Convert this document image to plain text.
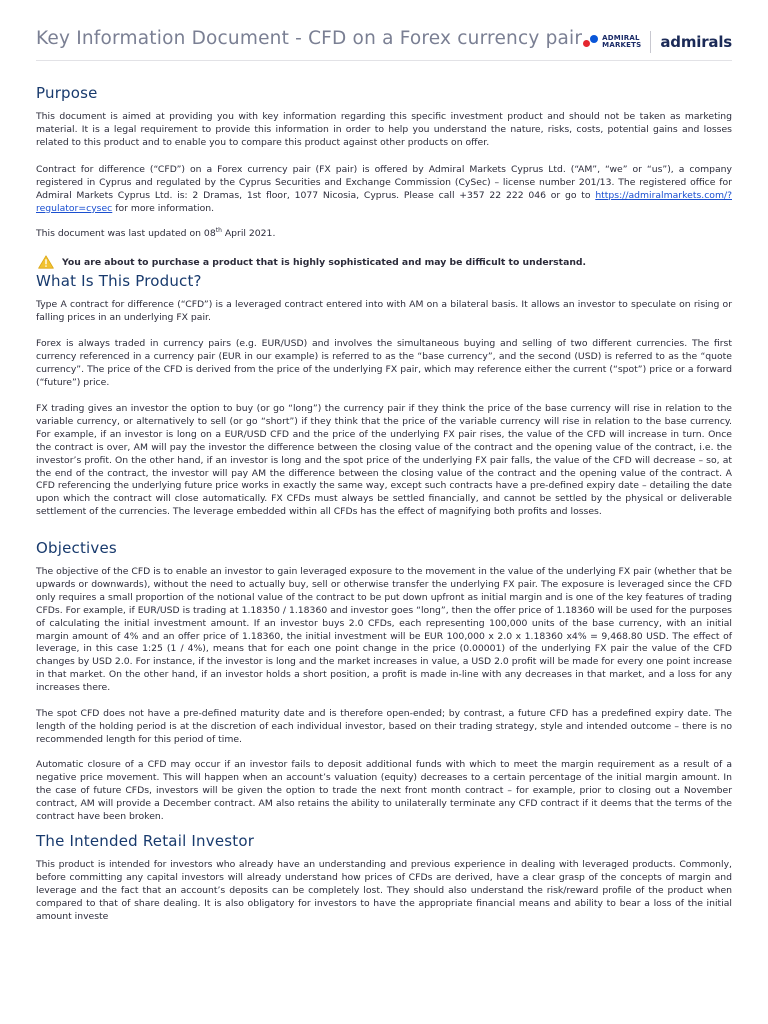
Key Information Document - CFD on a Forex currency pair	ADMIRAL
MARKETS admirals
Purpose

This document is aimed at providing you with key information regarding this specific investment product and should not be taken as marketing material. It is a legal requirement to provide this information in order to help you understand the nature, risks, costs, potential gains and losses related to this product and to enable you to compare this product against other products on offer.

Contract for difference (“CFD”) on a Forex currency pair (FX pair) is offered by Admiral Markets Cyprus Ltd. (“AM”, “we” or “us”), a company registered in Cyprus and regulated by the Cyprus Securities and Exchange Commission (CySec) – license number 201/13. The registered office for Admiral Markets Cyprus Ltd. is: 2 Dramas, 1st floor, 1077 Nicosia, Cyprus. Please call +357 22 222 046 or go to https://admiralmarkets.com/?regulator=cysec for more information.

This document was last updated on 08th April 2021.

You are about to purchase a product that is highly sophisticated and may be difficult to understand.
What Is This Product?

Type A contract for difference (“CFD”) is a leveraged contract entered into with AM on a bilateral basis. It allows an investor to speculate on rising or falling prices in an underlying FX pair.

Forex is always traded in currency pairs (e.g. EUR/USD) and involves the simultaneous buying and selling of two different currencies. The first currency referenced in a currency pair (EUR in our example) is referred to as the “base currency”, and the second (USD) is referred to as the “quote currency”. The price of the CFD is derived from the price of the underlying FX pair, which may reference either the current (“spot”) price or a forward (“future”) price.

FX trading gives an investor the option to buy (or go “long”) the currency pair if they think the price of the base currency will rise in relation to the variable currency, or alternatively to sell (or go “short”) if they think that the price of the variable currency will rise in relation to the base currency. For example, if an investor is long on a EUR/USD CFD and the price of the underlying FX pair rises, the value of the CFD will increase in turn. Once the contract is over, AM will pay the investor the difference between the closing value of the contract and the opening value of the contract, i.e. the investor’s profit. On the other hand, if an investor is long and the spot price of the underlying FX pair falls, the value of the CFD will decrease – so, at the end of the contract, the investor will pay AM the difference between the closing value of the contract and the opening value of the contract. A CFD referencing the underlying future price works in exactly the same way, except such contracts have a pre-defined expiry date – detailing the date upon which the contract will close automatically. FX CFDs must always be settled financially, and cannot be settled by the physical or deliverable settlement of the currencies. The leverage embedded within all CFDs has the effect of magnifying both profits and losses.

Objectives

The objective of the CFD is to enable an investor to gain leveraged exposure to the movement in the value of the underlying FX pair (whether that be upwards or downwards), without the need to actually buy, sell or otherwise transfer the underlying FX pair. The exposure is leveraged since the CFD only requires a small proportion of the notional value of the contract to be put down upfront as initial margin and is one of the key features of trading CFDs. For example, if EUR/USD is trading at 1.18350 / 1.18360 and investor goes “long”, then the offer price of 1.18360 will be used for the purposes of calculating the initial investment amount. If an investor buys 2.0 CFDs, each representing 100,000 units of the base currency, with an initial margin amount of 4% and an offer price of 1.18360, the initial investment will be EUR 100,000 x 2.0 x 1.18360 x4% = 9,468.80 USD. The effect of leverage, in this case 1:25 (1 / 4%), means that for each one point change in the price (0.00001) of the underlying FX pair the value of the CFD changes by USD 2.0. For instance, if the investor is long and the market increases in value, a USD 2.0 profit will be made for every one point increase in that market. On the other hand, if an investor holds a short position, a profit is made in-line with any decreases in that market, and a loss for any increases there.

The spot CFD does not have a pre-defined maturity date and is therefore open-ended; by contrast, a future CFD has a predefined expiry date. The length of the holding period is at the discretion of each individual investor, based on their trading strategy, style and intended outcome – there is no recommended length for this period of time.

Automatic closure of a CFD may occur if an investor fails to deposit additional funds with which to meet the margin requirement as a result of a negative price movement. This will happen when an account’s valuation (equity) decreases to a certain percentage of the initial margin amount. In the case of future CFDs, investors will be given the option to trade the next front month contract – for example, prior to closing out a November contract, AM will provide a December contract. AM also retains the ability to unilaterally terminate any CFD contract if it deems that the terms of the contract have been broken.

The Intended Retail Investor

This product is intended for investors who already have an understanding and previous experience in dealing with leveraged products. Commonly, before committing any capital investors will already understand how prices of CFDs are derived, have a clear grasp of the concepts of margin and leverage and the fact that an account’s deposits can be completely lost. They should also understand the risk/reward profile of the product when compared to that of share dealing. It is also obligatory for investors to have the appropriate financial means and ability to bear a loss of the initial amount investe
